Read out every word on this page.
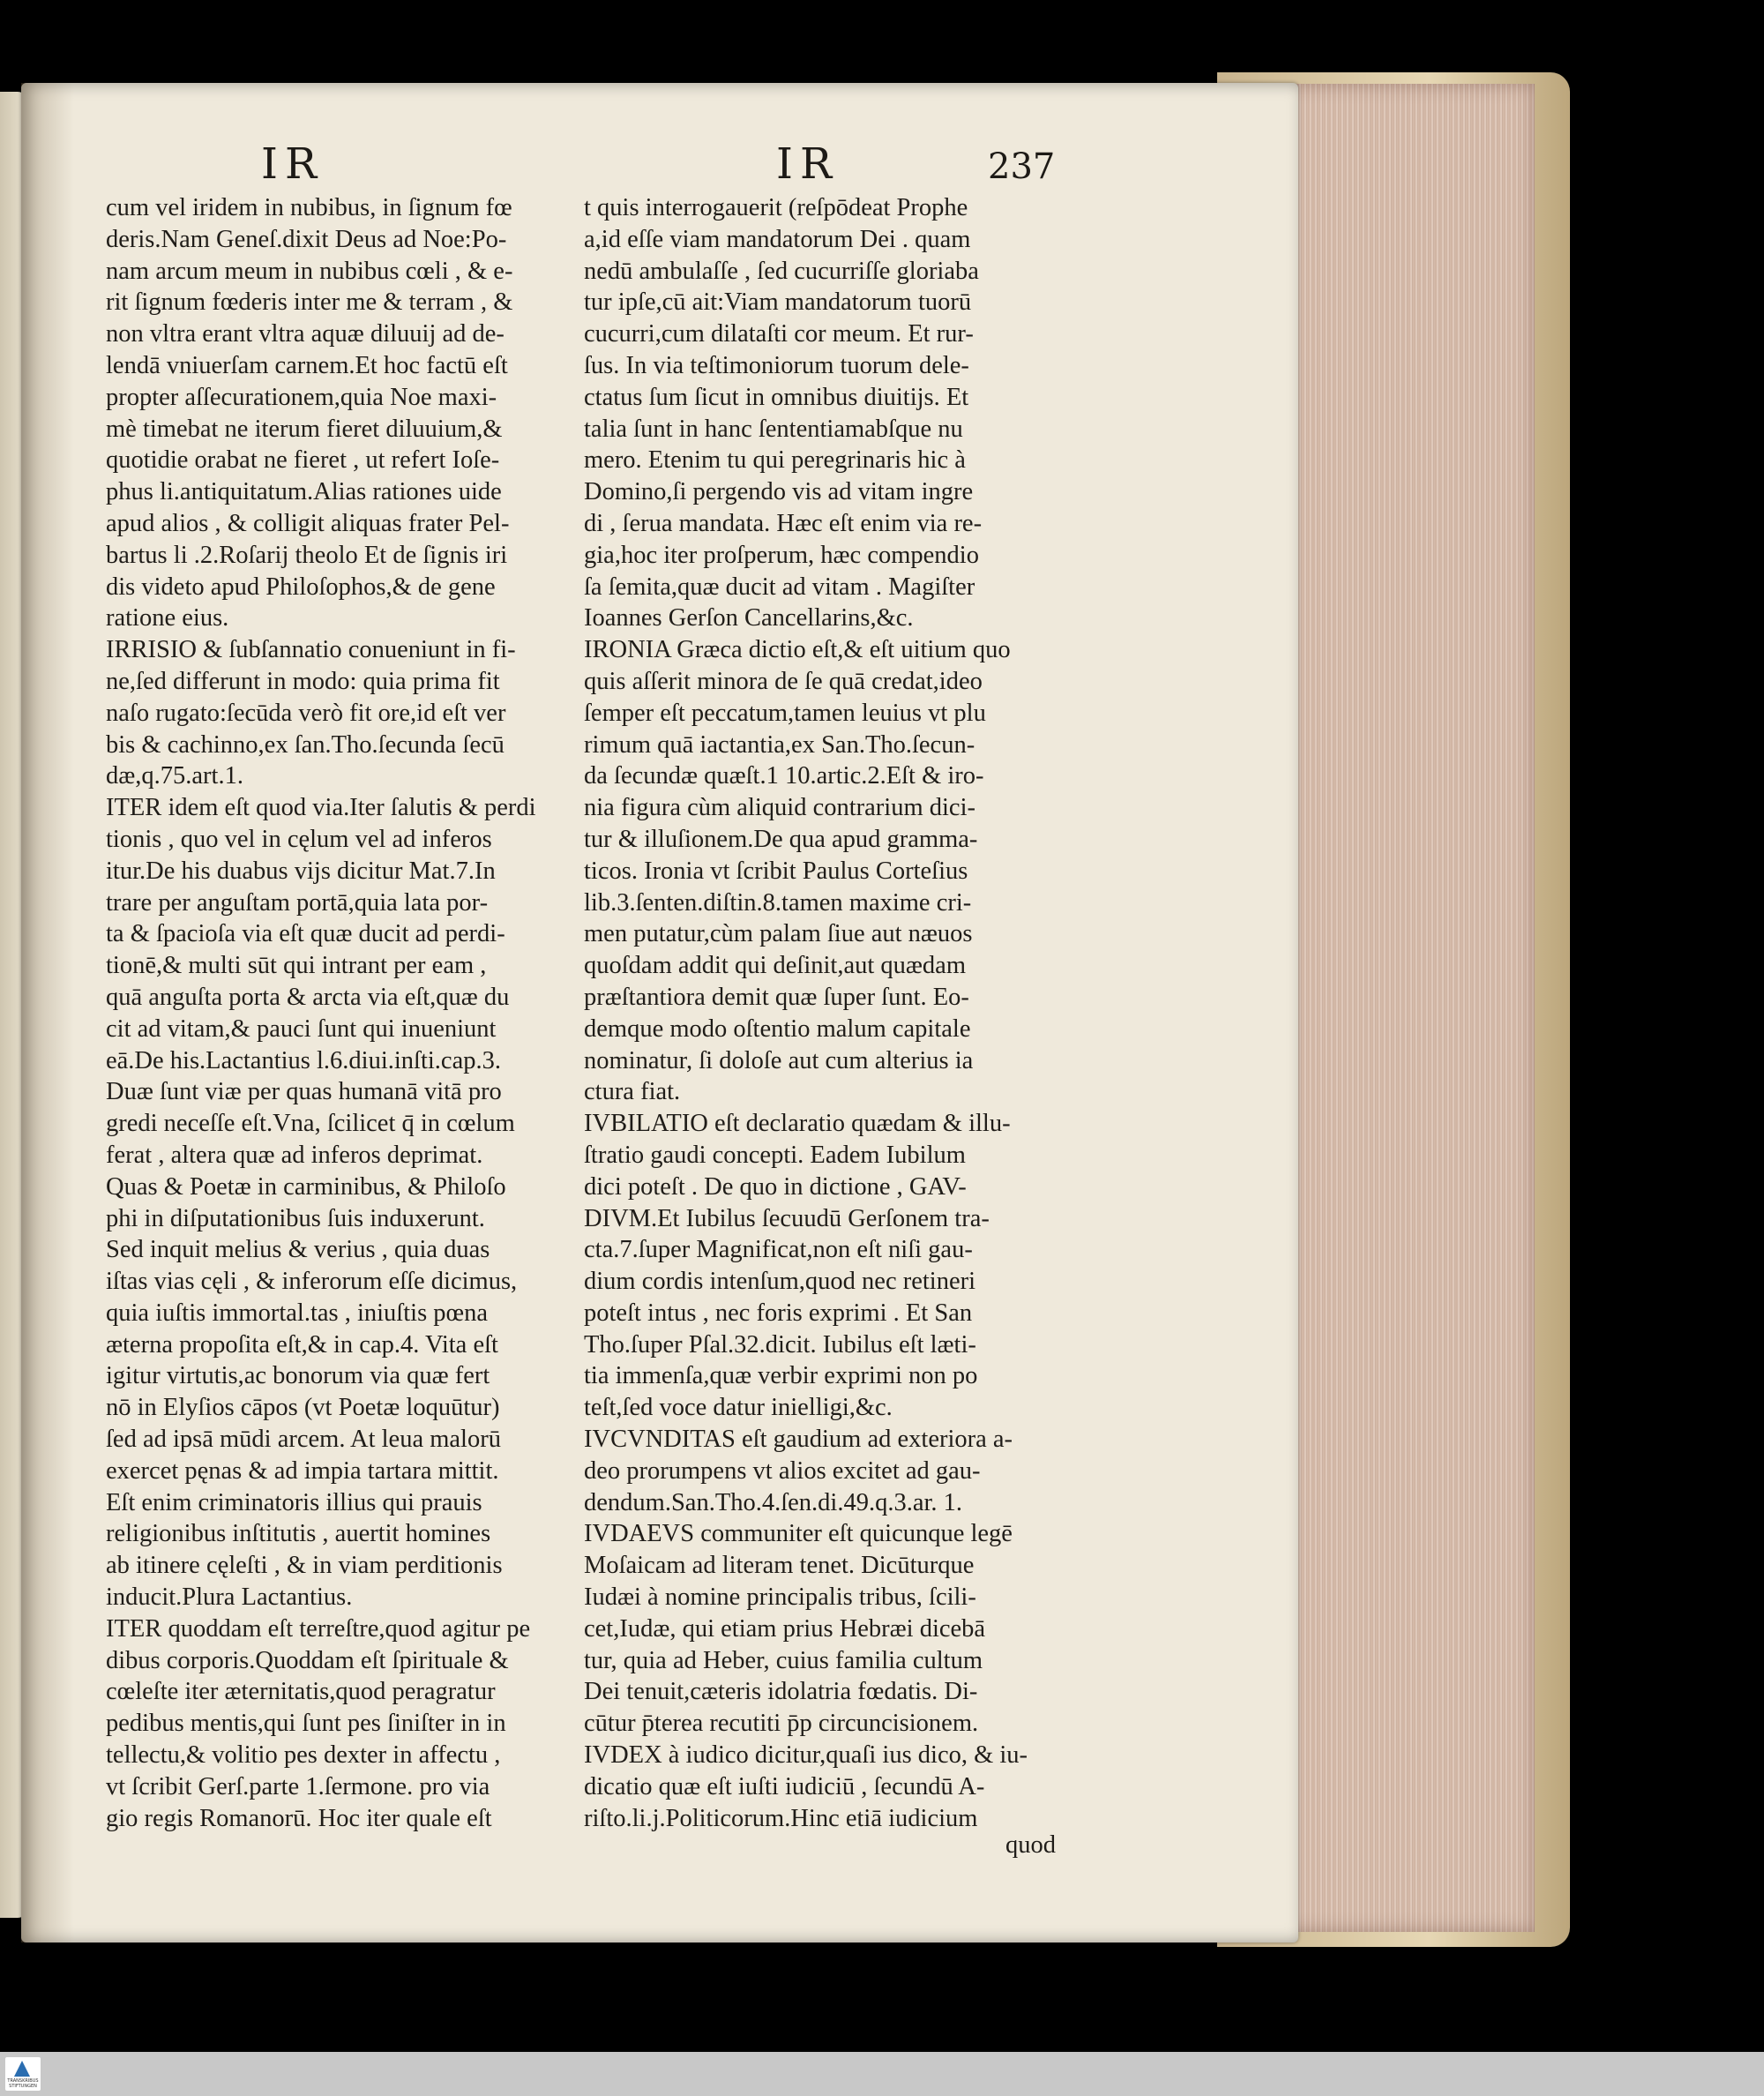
IR	IR	237

cum vel iridem in nubibus, in ſignum fœ
deris.Nam Geneſ.dixit Deus ad Noe:Po-
nam arcum meum in nubibus cœli , & e-
rit ſignum fœderis inter me & terram , &
non vltra erant vltra aquæ diluuij ad de-
lendā vniuerſam carnem.Et hoc factū eſt
propter aſſecurationem,quia Noe maxi-
mè timebat ne iterum fieret diluuium,&
quotidie orabat ne fieret , ut refert Ioſe-
phus li.antiquitatum.Alias rationes uide
apud alios , & colligit aliquas frater Pel-
bartus li .2.Roſarij theolo Et de ſignis iri
dis videto apud Philoſophos,& de gene
ratione eius.
IRRISIO & ſubſannatio conueniunt in fi-
ne,ſed differunt in modo: quia prima fit
naſo rugato:ſecūda verò fit ore,id eſt ver
bis & cachinno,ex ſan.Tho.ſecunda ſecū
dæ,q.75.art.1.
ITER idem eſt quod via.Iter ſalutis & perdi
tionis , quo vel in cęlum vel ad inferos
itur.De his duabus vijs dicitur Mat.7.In
trare per anguſtam portā,quia lata por-
ta & ſpacioſa via eſt quæ ducit ad perdi-
tionē,& multi sūt qui intrant per eam ,
quā anguſta porta & arcta via eſt,quæ du
cit ad vitam,& pauci ſunt qui inueniunt
eā.De his.Lactantius l.6.diui.inſti.cap.3.
Duæ ſunt viæ per quas humanā vitā pro
gredi neceſſe eſt.Vna, ſcilicet q̄ in cœlum
ferat , altera quæ ad inferos deprimat.
Quas & Poetæ in carminibus, & Philoſo
phi in diſputationibus ſuis induxerunt.
Sed inquit melius & verius , quia duas
iſtas vias cęli , & inferorum eſſe dicimus,
quia iuſtis immortal.tas , iniuſtis pœna
æterna propoſita eſt,& in cap.4. Vita eſt
igitur virtutis,ac bonorum via quæ fert
nō in Elyſios cāpos (vt Poetæ loquūtur)
ſed ad ipsā mūdi arcem. At leua malorū
exercet pęnas & ad impia tartara mittit.
Eſt enim criminatoris illius qui prauis
religionibus inſtitutis , auertit homines
ab itinere cęleſti , & in viam perditionis
inducit.Plura Lactantius.
ITER quoddam eſt terreſtre,quod agitur pe
dibus corporis.Quoddam eſt ſpirituale &
cœleſte iter æternitatis,quod peragratur
pedibus mentis,qui ſunt pes ſiniſter in in
tellectu,& volitio pes dexter in affectu ,
vt ſcribit Gerſ.parte 1.ſermone. pro via
gio regis Romanorū. Hoc iter quale eſt
t quis interrogauerit (reſpōdeat Prophe
a,id eſſe viam mandatorum Dei . quam
nedū ambulaſſe , ſed cucurriſſe gloriaba
tur ipſe,cū ait:Viam mandatorum tuorū
cucurri,cum dilataſti cor meum. Et rur-
ſus. In via teſtimoniorum tuorum dele-
ctatus ſum ſicut in omnibus diuitijs. Et
talia ſunt in hanc ſententiamabſque nu
mero. Etenim tu qui peregrinaris hic à
Domino,ſi pergendo vis ad vitam ingre
di , ſerua mandata. Hæc eſt enim via re-
gia,hoc iter proſperum, hæc compendio
ſa ſemita,quæ ducit ad vitam . Magiſter
Ioannes Gerſon Cancellarins,&c.
IRONIA Græca dictio eſt,& eſt uitium quo
quis aſſerit minora de ſe quā credat,ideo
ſemper eſt peccatum,tamen leuius vt plu
rimum quā iactantia,ex San.Tho.ſecun-
da ſecundæ quæſt.1 10.artic.2.Eſt & iro-
nia figura cùm aliquid contrarium dici-
tur & illuſionem.De qua apud gramma-
ticos. Ironia vt ſcribit Paulus Corteſius
lib.3.ſenten.diſtin.8.tamen maxime cri-
men putatur,cùm palam ſiue aut næuos
quoſdam addit qui deſinit,aut quædam
præſtantiora demit quæ ſuper ſunt. Eo-
demque modo oſtentio malum capitale
nominatur, ſi doloſe aut cum alterius ia
ctura fiat.
IVBILATIO eſt declaratio quædam & illu-
ſtratio gaudi concepti. Eadem Iubilum
dici poteſt . De quo in dictione , GAV-
DIVM.Et Iubilus ſecuudū Gerſonem tra-
cta.7.ſuper Magnificat,non eſt niſi gau-
dium cordis intenſum,quod nec retineri
poteſt intus , nec foris exprimi . Et San
Tho.ſuper Pſal.32.dicit. Iubilus eſt læti-
tia immenſa,quæ verbir exprimi non po
teſt,ſed voce datur inielligi,&c.
IVCVNDITAS eſt gaudium ad exteriora a-
deo prorumpens vt alios excitet ad gau-
dendum.San.Tho.4.ſen.di.49.q.3.ar. 1.
IVDAEVS communiter eſt quicunque legē
Moſaicam ad literam tenet. Dicūturque
Iudæi à nomine principalis tribus, ſcili-
cet,Iudæ, qui etiam prius Hebræi dicebā
tur, quia ad Heber, cuius familia cultum
Dei tenuit,cæteris idolatria fœdatis. Di-
cūtur p̄terea recutiti p̄p circuncisionem.
IVDEX à iudico dicitur,quaſi ius dico, & iu-
dicatio quæ eſt iuſti iudiciū , ſecundū A-
riſto.li.j.Politicorum.Hinc etiā iudicium

quod

TRANSKRIBUS
STIFTUNGEN
